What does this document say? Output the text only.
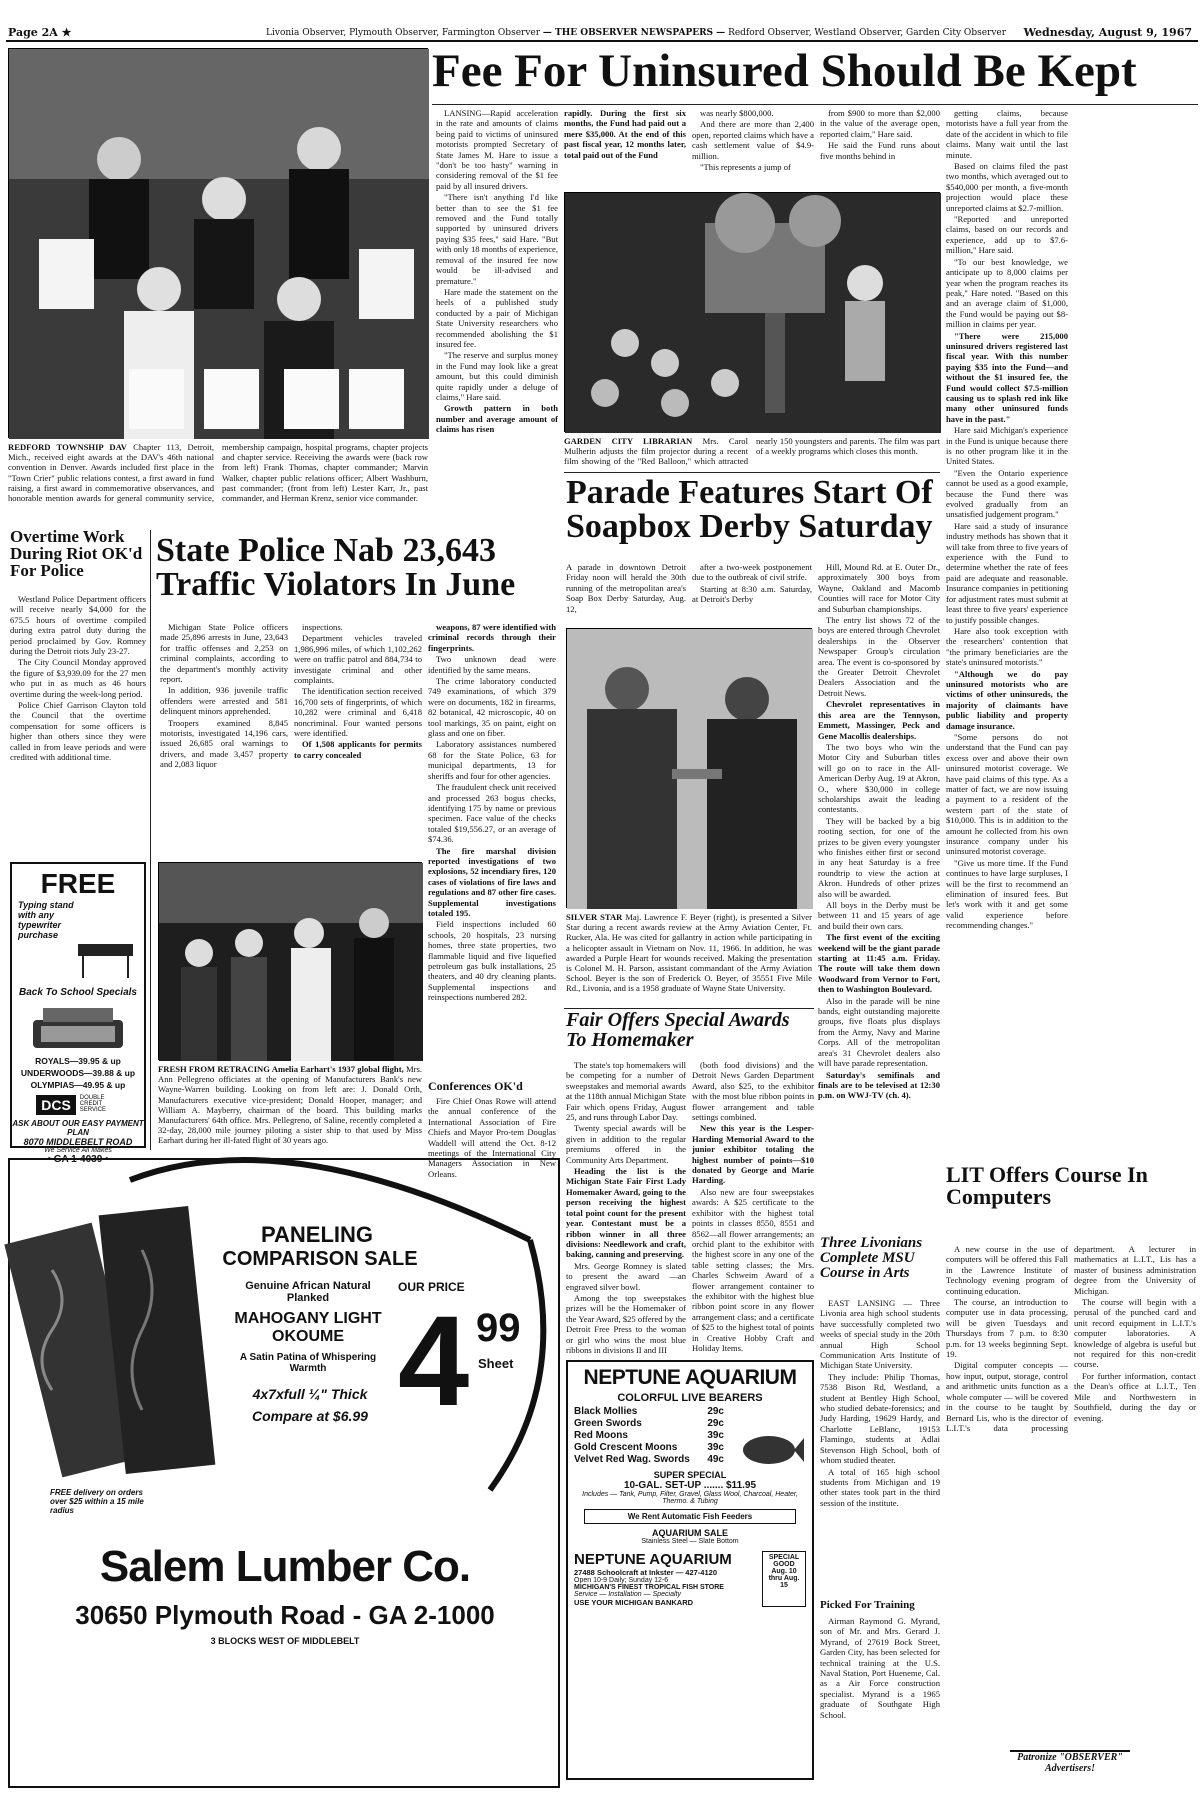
Page 2A ★	Livonia Observer, Plymouth Observer, Farmington Observer — THE OBSERVER NEWSPAPERS — Redford Observer, Westland Observer, Garden City Observer Wednesday, August 9, 1967
REDFORD TOWNSHIP DAV Chapter 113, Detroit, Mich., received eight awards at the DAV's 46th national convention in Denver. Awards included first place in the "Town Crier" public relations contest, a first award in fund raising, a first award in commemorative observances, and honorable mention awards for general community service, membership campaign, hospital programs, chapter projects and chapter service. Receiving the awards were (back row from left) Frank Thomas, chapter commander; Marvin Walker, chapter public relations officer; Albert Washburn, past commander; (front from left) Lester Karr, Jr., past commander, and Herman Krenz, senior vice commander.
Fee For Uninsured Should Be Kept

LANSING—Rapid acceleration in the rate and amounts of claims being paid to victims of uninsured motorists prompted Secretary of State James M. Hare to issue a "don't be too hasty" warning in considering removal of the $1 fee paid by all insured drivers.

"There isn't anything I'd like better than to see the $1 fee removed and the Fund totally supported by uninsured drivers paying $35 fees," said Hare. "But with only 18 months of experience, removal of the insured fee now would be ill-advised and premature."

Hare made the statement on the heels of a published study conducted by a pair of Michigan State University researchers who recommended abolishing the $1 insured fee.

"The reserve and surplus money in the Fund may look like a great amount, but this could diminish quite rapidly under a deluge of claims," Hare said.

Growth pattern in both number and average amount of claims has risen

rapidly. During the first six months, the Fund had paid out a mere $35,000. At the end of this past fiscal year, 12 months later, total paid out of the Fund

was nearly $800,000.

And there are more than 2,400 open, reported claims which have a cash settlement value of $4.9-million.

"This represents a jump of

from $900 to more than $2,000 in the value of the average open, reported claim," Hare said.

He said the Fund runs about five months behind in

GARDEN CITY LIBRARIAN Mrs. Carol Mulherin adjusts the film projector during a recent film showing of the "Red Balloon," which attracted nearly 150 youngsters and parents. The film was part of a weekly programs which closes this month.

getting claims, because motorists have a full year from the date of the accident in which to file claims. Many wait until the last minute.

Based on claims filed the past two months, which averaged out to $540,000 per month, a five-month projection would place these unreported claims at $2.7-million.

"Reported and unreported claims, based on our records and experience, add up to $7.6-million," Hare said.

"To our best knowledge, we anticipate up to 8,000 claims per year when the program reaches its peak," Hare noted. "Based on this and an average claim of $1,000, the Fund would be paying out $8-million in claims per year.

"There were 215,000 uninsured drivers registered last fiscal year. With this number paying $35 into the Fund—and without the $1 insured fee, the Fund would collect $7.5-million causing us to splash red ink like many other uninsured funds have in the past."

Hare said Michigan's experience in the Fund is unique because there is no other program like it in the United States.

"Even the Ontario experience cannot be used as a good example, because the Fund there was evolved gradually from an unsatisfied judgement program."

Hare said a study of insurance industry methods has shown that it will take from three to five years of experience with the Fund to determine whether the rate of fees paid are adequate and reasonable. Insurance companies in petitioning for adjustment rates must submit at least three to five years' experience to justify possible changes.

Hare also took exception with the researchers' contention that "the primary beneficiaries are the state's uninsured motorists."

"Although we do pay uninsured motorists who are victims of other uninsureds, the majority of claimants have public liability and property damage insurance.

"Some persons do not understand that the Fund can pay excess over and above their own uninsured motorist coverage. We have paid claims of this type. As a matter of fact, we are now issuing a payment to a resident of the western part of the state of $10,000. This is in addition to the amount he collected from his own insurance company under his uninsured motorist coverage.

"Give us more time. If the Fund continues to have large surpluses, I will be the first to recommend an elimination of insured fees. But let's work with it and get some valid experience before recommending changes."

Overtime Work During Riot OK'd For Police

Westland Police Department officers will receive nearly $4,000 for the 675.5 hours of overtime compiled during extra patrol duty during the period proclaimed by Gov. Romney during the Detroit riots July 23-27.

The City Council Monday approved the figure of $3,939.09 for the 27 men who put in as much as 46 hours overtime during the week-long period.

Police Chief Garrison Clayton told the Council that the overtime compensation for some officers is higher than others since they were called in from leave periods and were credited with additional time.

FREE
Typing stand with any typewriter purchase
Back To School Specials
ROYALS—39.95 & up
UNDERWOODS—39.88 & up
OLYMPIAS—49.95 & up
DCS	DOUBLE CREDIT SERVICE
ASK ABOUT OUR EASY PAYMENT PLAN
8070 MIDDLEBELT ROAD
We Service All Makes
• GA 1-4039 •
State Police Nab 23,643 Traffic Violators In June

Michigan State Police officers made 25,896 arrests in June, 23,643 for traffic offenses and 2,253 on criminal complaints, according to the department's monthly activity report.

In addition, 936 juvenile traffic offenders were arrested and 581 delinquent minors apprehended.

Troopers examined 8,845 motorists, investigated 14,196 cars, issued 26,685 oral warnings to drivers, and made 3,457 property and 2,083 liquor

inspections.

Department vehicles traveled 1,986,996 miles, of which 1,102,262 were on traffic patrol and 884,734 to investigate criminal and other complaints.

The identification section received 16,700 sets of fingerprints, of which 10,282 were criminal and 6,418 noncriminal. Four wanted persons were identified.

Of 1,508 applicants for permits to carry concealed

weapons, 87 were identified with criminal records through their fingerprints.

Two unknown dead were identified by the same means.

The crime laboratory conducted 749 examinations, of which 379 were on documents, 182 in firearms, 82 botanical, 42 microscopic, 40 on tool markings, 35 on paint, eight on glass and one on fiber.

Laboratory assistances numbered 68 for the State Police, 63 for municipal departments, 13 for sheriffs and four for other agencies.

The fraudulent check unit received and processed 263 bogus checks, identifying 175 by name or previous specimen. Face value of the checks totaled $19,556.27, or an average of $74.36.

The fire marshal division reported investigations of two explosions, 52 incendiary fires, 120 cases of violations of fire laws and regulations and 87 other fire cases. Supplemental investigations totaled 195.

Field inspections included 60 schools, 20 hospitals, 23 nursing homes, three state properties, two flammable liquid and five liquefied petroleum gas bulk installations, 25 theaters, and 40 dry cleaning plants. Supplemental inspections and reinspections numbered 282.

FRESH FROM RETRACING Amelia Earhart's 1937 global flight, Mrs. Ann Pellegreno officiates at the opening of Manufacturers Bank's new Wayne-Warren building. Looking on from left are: J. Donald Orth, Manufacturers executive vice-president; Donald Hooper, manager; and William A. Mayberry, chairman of the board. This building marks Manufacturers' 64th office. Mrs. Pellegreno, of Saline, recently completed a 32-day, 28,000 mile journey piloting a sister ship to that used by Miss Earhart during her ill-fated flight of 30 years ago.
Conferences OK'd

Fire Chief Onas Rowe will attend the annual conference of the International Association of Fire Chiefs and Mayor Pro-tem Douglas Waddell will attend the Oct. 8-12 meetings of the International City Managers Association in New Orleans.

Parade Features Start Of Soapbox Derby Saturday
A parade in downtown Detroit Friday noon will herald the 30th running of the metropolitan area's Soap Box Derby Saturday, Aug. 12,

after a two-week postponement due to the outbreak of civil strife.

Starting at 8:30 a.m. Saturday, at Detroit's Derby

Hill, Mound Rd. at E. Outer Dr., approximately 300 boys from Wayne, Oakland and Macomb Counties will race for Motor City and Suburban championships.

The entry list shows 72 of the boys are entered through Chevrolet dealerships in the Observer Newspaper Group's circulation area. The event is co-sponsored by the Greater Detroit Chevrolet Dealers Association and the Detroit News.

Chevrolet representatives in this area are the Tennyson, Emmett, Massinger, Peck and Gene Macollis dealerships.

The two boys who win the Motor City and Suburban titles will go on to race in the All-American Derby Aug. 19 at Akron, O., where $30,000 in college scholarships await the leading contestants.

They will be backed by a big rooting section, for one of the prizes to be given every youngster who finishes either first or second in any heat Saturday is a free roundtrip to view the action at Akron. Hundreds of other prizes also will be awarded.

All boys in the Derby must be between 11 and 15 years of age and build their own cars.

The first event of the exciting weekend will be the giant parade starting at 11:45 a.m. Friday. The route will take them down Woodward from Vernor to Fort, then to Washington Boulevard.

Also in the parade will be nine bands, eight outstanding majorette groups, five floats plus displays from the Army, Navy and Marine Corps. All of the metropolitan area's 31 Chevrolet dealers also will have parade representation.

Saturday's semifinals and finals are to be televised at 12:30 p.m. on WWJ-TV (ch. 4).

SILVER STAR Maj. Lawrence F. Beyer (right), is presented a Silver Star during a recent awards review at the Army Aviation Center, Ft. Rucker, Ala. He was cited for gallantry in action while participating in a helicopter assault in Vietnam on Nov. 11, 1966. In addition, he was awarded a Purple Heart for wounds received. Making the presentation is Colonel M. H. Parson, assistant commandant of the Army Aviation School. Beyer is the son of Frederick O. Beyer, of 35551 Five Mile Rd., Livonia, and is a 1958 graduate of Wayne State University.
Fair Offers Special Awards To Homemaker

The state's top homemakers will be competing for a number of sweepstakes and memorial awards at the 118th annual Michigan State Fair which opens Friday, August 25, and runs through Labor Day.

Twenty special awards will be given in addition to the regular premiums offered in the Community Arts Department.

Heading the list is the Michigan State Fair First Lady Homemaker Award, going to the person receiving the highest total point count for the present year. Contestant must be a ribbon winner in all three divisions: Needlework and craft, baking, canning and preserving.

Mrs. George Romney is slated to present the award —an engraved silver bowl.

Among the top sweepstakes prizes will be the Homemaker of the Year Award, $25 offered by the Detroit Free Press to the woman or girl who wins the most blue ribbons in divisions II and III

(both food divisions) and the Detroit News Garden Department Award, also $25, to the exhibitor with the most blue ribbon points in flower arrangement and table settings combined.

New this year is the Lesper-Harding Memorial Award to the junior exhibitor totaling the highest number of points—$10 donated by George and Marie Harding.

Also new are four sweepstakes awards: A $25 certificate to the exhibitor with the highest total points in classes 8550, 8551 and 8562—all flower arrangements; an orchid plant to the exhibitor with the highest score in any one of the table setting classes; the Mrs. Charles Schweim Award of a flower arrangement container to the exhibitor with the highest blue ribbon point score in any flower arrangement class; and a certificate of $25 to the highest total of points in Creative Hobby Craft and Holiday Items.

Three Livonians Complete MSU Course in Arts

EAST LANSING — Three Livonia area high school students have successfully completed two weeks of special study in the 20th annual High School Communication Arts Institute of Michigan State University.

They include: Philip Thomas, 7538 Bison Rd, Westland, a student at Bentley High School, who studied debate-forensics; and Judy Harding, 19629 Hardy, and Charlotte LeBlanc, 19153 Flamingo, students at Adlai Stevenson High School, both of whom studied theater.

A total of 165 high school students from Michigan and 19 other states took part in the third session of the institute.

Picked For Training

Airman Raymond G. Myrand, son of Mr. and Mrs. Gerard J. Myrand, of 27619 Bock Street, Garden City, has been selected for technical training at the U.S. Naval Station, Port Hueneme, Cal. as a Air Force construction specialist. Myrand is a 1965 graduate of Southgate High School.

LIT Offers Course In Computers

A new course in the use of computers will be offered this Fall in the Lawrence Institute of Technology evening program of continuing education.

The course, an introduction to computer use in data processing, will be given Tuesdays and Thursdays from 7 p.m. to 8:30 p.m. for 13 weeks beginning Sept. 19.

Digital computer concepts —how input, output, storage, control and arithmetic units function as a whole computer — will be covered in the course to be taught by Bernard Lis, who is the director of L.I.T.'s data processing department. A lecturer in mathematics at L.I.T., Lis has a master of business administration degree from the University of Michigan.

The course will begin with a perusal of the punched card and unit record equipment in L.I.T.'s computer laboratories. A knowledge of algebra is useful but not required for this non-credit course.

For further information, contact the Dean's office at L.I.T., Ten Mile and Northwestern in Southfield, during the day or evening.

Patronize "OBSERVER" Advertisers!
NEPTUNE AQUARIUM
COLORFUL LIVE BEARERS
Black Mollies	29c
Green Swords	29c
Red Moons	39c
Gold Crescent Moons	39c
Velvet Red Wag. Swords 49c
SUPER SPECIAL
10-GAL. SET-UP ....... $11.95
Includes — Tank, Pump, Filter, Gravel, Glass Wool, Charcoal, Heater, Thermo. & Tubing
We Rent Automatic Fish Feeders
AQUARIUM SALE
Stainless Steel — Slate Bottom
NEPTUNE AQUARIUM
27488 Schoolcraft at Inkster — 427-4120
Open 10-9 Daily; Sunday 12-6
MICHIGAN'S FINEST TROPICAL FISH STORE
Service — Installation — Specialty
USE YOUR MICHIGAN BANKARD
SPECIAL GOOD Aug. 10 thru Aug. 15
PANELING
COMPARISON SALE
Genuine African Natural Planked
MAHOGANY LIGHT OKOUME
A Satin Patina of Whispering Warmth
4x7xfull ¼" Thick
Compare at $6.99
OUR PRICE
4 99
Sheet
FREE delivery on orders over $25 within a 15 mile radius
Salem Lumber Co.
30650 Plymouth Road - GA 2-1000
3 BLOCKS WEST OF MIDDLEBELT
